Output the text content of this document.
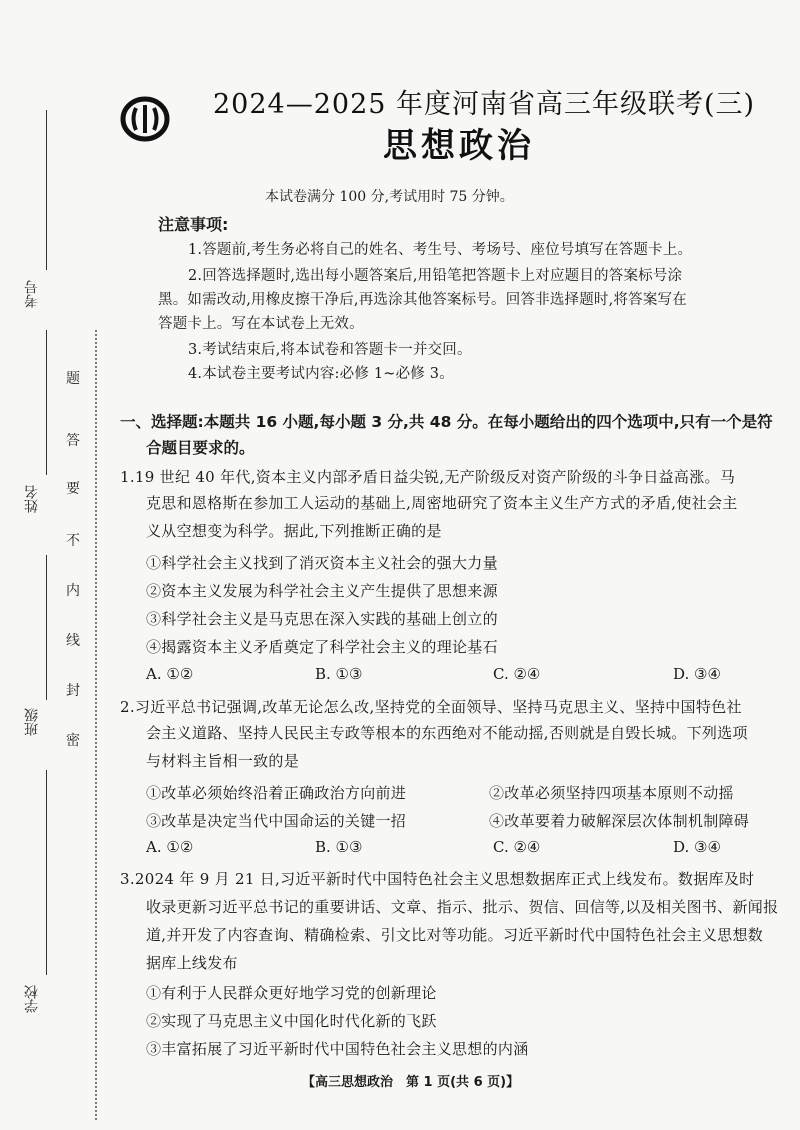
考号
姓名
班级
学校
题
答
要
不
内
线
封
密
2024—2025 年度河南省高三年级联考(三)
思想政治
本试卷满分 100 分,考试用时 75 分钟。
注意事项:
1.答题前,考生务必将自己的姓名、考生号、考场号、座位号填写在答题卡上。
2.回答选择题时,选出每小题答案后,用铅笔把答题卡上对应题目的答案标号涂
黑。如需改动,用橡皮擦干净后,再选涂其他答案标号。回答非选择题时,将答案写在
答题卡上。写在本试卷上无效。
3.考试结束后,将本试卷和答题卡一并交回。
4.本试卷主要考试内容:必修 1~必修 3。
一、选择题:本题共 16 小题,每小题 3 分,共 48 分。在每小题给出的四个选项中,只有一个是符
合题目要求的。
1.19 世纪 40 年代,资本主义内部矛盾日益尖锐,无产阶级反对资产阶级的斗争日益高涨。马
克思和恩格斯在参加工人运动的基础上,周密地研究了资本主义生产方式的矛盾,使社会主
义从空想变为科学。据此,下列推断正确的是
①科学社会主义找到了消灭资本主义社会的强大力量
②资本主义发展为科学社会主义产生提供了思想来源
③科学社会主义是马克思在深入实践的基础上创立的
④揭露资本主义矛盾奠定了科学社会主义的理论基石
A. ①②	B. ①③	C. ②④	D. ③④
2.习近平总书记强调,改革无论怎么改,坚持党的全面领导、坚持马克思主义、坚持中国特色社
会主义道路、坚持人民民主专政等根本的东西绝对不能动摇,否则就是自毁长城。下列选项
与材料主旨相一致的是
①改革必须始终沿着正确政治方向前进	②改革必须坚持四项基本原则不动摇
③改革是决定当代中国命运的关键一招	④改革要着力破解深层次体制机制障碍
A. ①②	B. ①③	C. ②④	D. ③④
3.2024 年 9 月 21 日,习近平新时代中国特色社会主义思想数据库正式上线发布。数据库及时
收录更新习近平总书记的重要讲话、文章、指示、批示、贺信、回信等,以及相关图书、新闻报
道,并开发了内容查询、精确检索、引文比对等功能。习近平新时代中国特色社会主义思想数
据库上线发布
①有利于人民群众更好地学习党的创新理论
②实现了马克思主义中国化时代化新的飞跃
③丰富拓展了习近平新时代中国特色社会主义思想的内涵
【高三思想政治　第 1 页(共 6 页)】
